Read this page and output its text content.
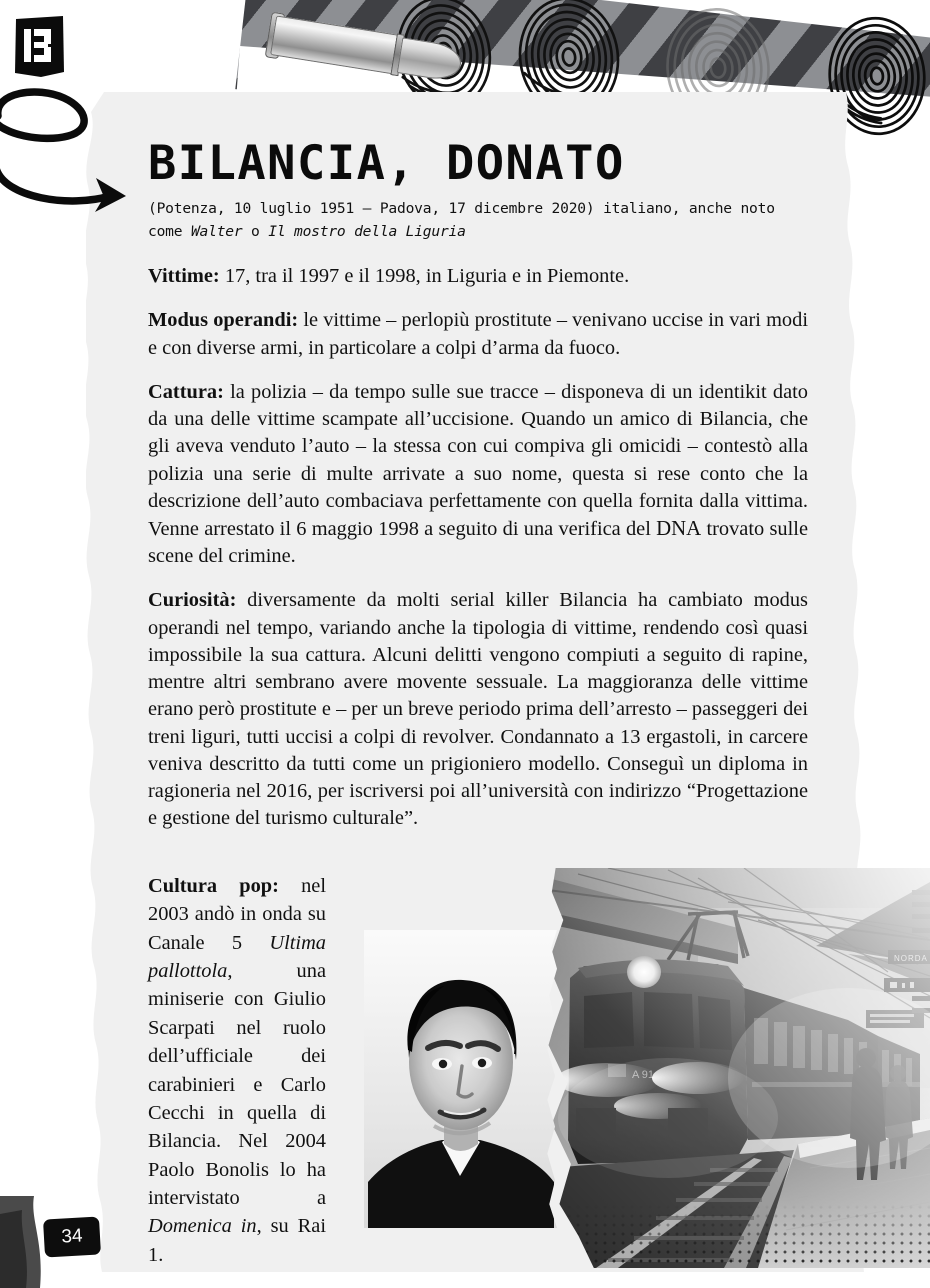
BILANCIA, DONATO
(Potenza, 10 luglio 1951 – Padova, 17 dicembre 2020) italiano, anche noto come Walter o Il mostro della Liguria

Vittime: 17, tra il 1997 e il 1998, in Liguria e in Piemonte.

Modus operandi: le vittime – perlopiù prostitute – venivano uccise in vari modi e con diverse armi, in particolare a colpi d’arma da fuoco.

Cattura: la polizia – da tempo sulle sue tracce – disponeva di un identikit dato da una delle vittime scampate all’uccisione. Quando un amico di Bilancia, che gli aveva venduto l’auto – la stessa con cui compiva gli omicidi – contestò alla polizia una serie di multe arrivate a suo nome, questa si rese conto che la descrizione dell’auto combaciava perfettamente con quella fornita dalla vittima. Venne arrestato il 6 maggio 1998 a seguito di una verifica del DNA trovato sulle scene del crimine.

Curiosità: diversamente da molti serial killer Bilancia ha cambiato modus operandi nel tempo, variando anche la tipologia di vittime, rendendo così quasi impossibile la sua cattura. Alcuni delitti vengono compiuti a seguito di rapine, mentre altri sembrano avere movente sessuale. La maggioranza delle vittime erano però prostitute e – per un breve periodo prima dell’arresto – passeggeri dei treni liguri, tutti uccisi a colpi di revolver. Condannato a 13 ergastoli, in carcere veniva descritto da tutti come un prigioniero modello. Conseguì un diploma in ragioneria nel 2016, per iscriversi poi all’università con indirizzo “Progettazione e gestione del turismo culturale”.

Cultura pop: nel 2003 andò in onda su Canale 5 Ultima pallottola, una miniserie con Giulio Scarpati nel ruolo dell’ufficiale dei carabinieri e Carlo Cecchi in quella di Bilancia. Nel 2004 Paolo Bonolis lo ha intervistato a Domenica in, su Rai 1.

34
